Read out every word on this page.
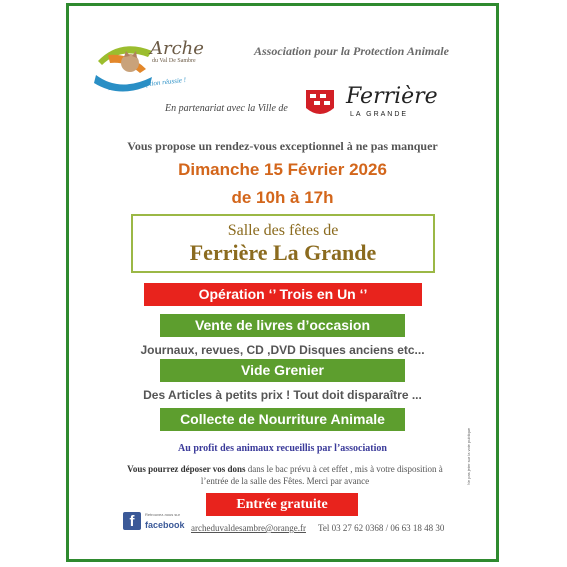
Arche
du Val De Sambre
Pour une adoption réussie !
Association pour la Protection Animale
En partenariat avec la Ville de	Ferrière
LA GRANDE
Vous propose un rendez-vous exceptionnel à ne pas manquer
Dimanche 15 Février 2026
de 10h à 17h
Salle des fêtes de
Ferrière La Grande
Opération ‘’ Trois en Un ‘’
Vente de livres d’occasion
Journaux, revues, CD ,DVD Disques anciens etc...
Vide Grenier
Des Articles à petits prix ! Tout doit disparaître ...
Collecte de Nourriture Animale
Au profit des animaux recueillis par l’association
Vous pourrez déposer vos dons dans le bac prévu à cet effet , mis à votre disposition à l’entrée de la salle des Fêtes. Merci par avance
Entrée gratuite
f	Retrouvez-nous sur
facebook archeduvaldesambre@orange.fr Tel 03 27 62 0368 / 06 63 18 48 30
Ne pas jeter sur la voie publique
